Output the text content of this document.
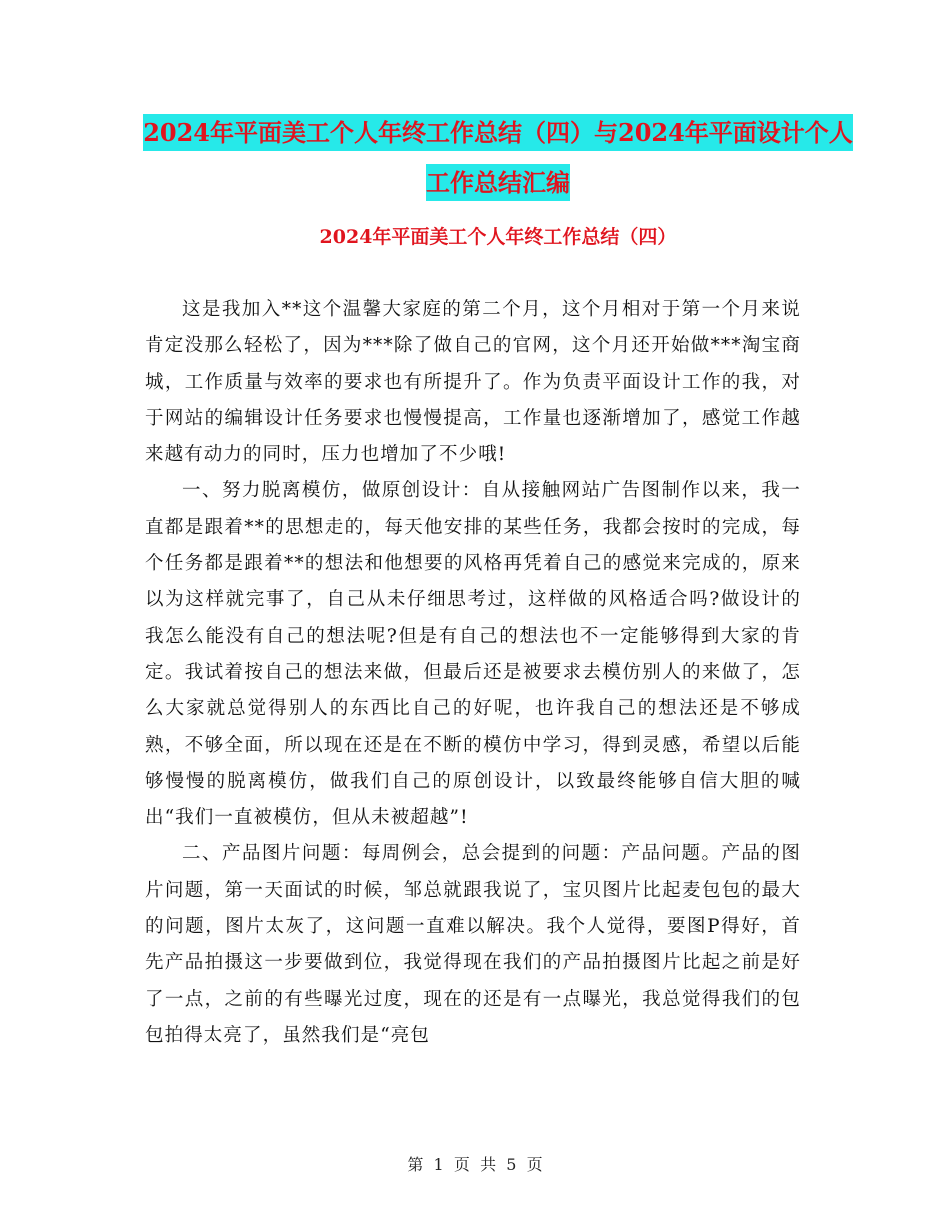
2024年平面美工个人年终工作总结（四）与2024年平面设计个人工作总结汇编
2024年平面美工个人年终工作总结（四）

这是我加入**这个温馨大家庭的第二个月，这个月相对于第一个月来说肯定没那么轻松了，因为***除了做自己的官网，这个月还开始做***淘宝商城，工作质量与效率的要求也有所提升了。作为负责平面设计工作的我，对于网站的编辑设计任务要求也慢慢提高，工作量也逐渐增加了，感觉工作越来越有动力的同时，压力也增加了不少哦!

一、努力脱离模仿，做原创设计：自从接触网站广告图制作以来，我一直都是跟着**的思想走的，每天他安排的某些任务，我都会按时的完成，每个任务都是跟着**的想法和他想要的风格再凭着自己的感觉来完成的，原来以为这样就完事了，自己从未仔细思考过，这样做的风格适合吗?做设计的我怎么能没有自己的想法呢?但是有自己的想法也不一定能够得到大家的肯定。我试着按自己的想法来做，但最后还是被要求去模仿别人的来做了，怎么大家就总觉得别人的东西比自己的好呢，也许我自己的想法还是不够成熟，不够全面，所以现在还是在不断的模仿中学习，得到灵感，希望以后能够慢慢的脱离模仿，做我们自己的原创设计，以致最终能够自信大胆的喊出“我们一直被模仿，但从未被超越”!

二、产品图片问题：每周例会，总会提到的问题：产品问题。产品的图片问题，第一天面试的时候，邹总就跟我说了，宝贝图片比起麦包包的最大的问题，图片太灰了，这问题一直难以解决。我个人觉得，要图P得好，首先产品拍摄这一步要做到位，我觉得现在我们的产品拍摄图片比起之前是好了一点，之前的有些曝光过度，现在的还是有一点曝光，我总觉得我们的包包拍得太亮了，虽然我们是“亮包

第  1  页  共  5  页
